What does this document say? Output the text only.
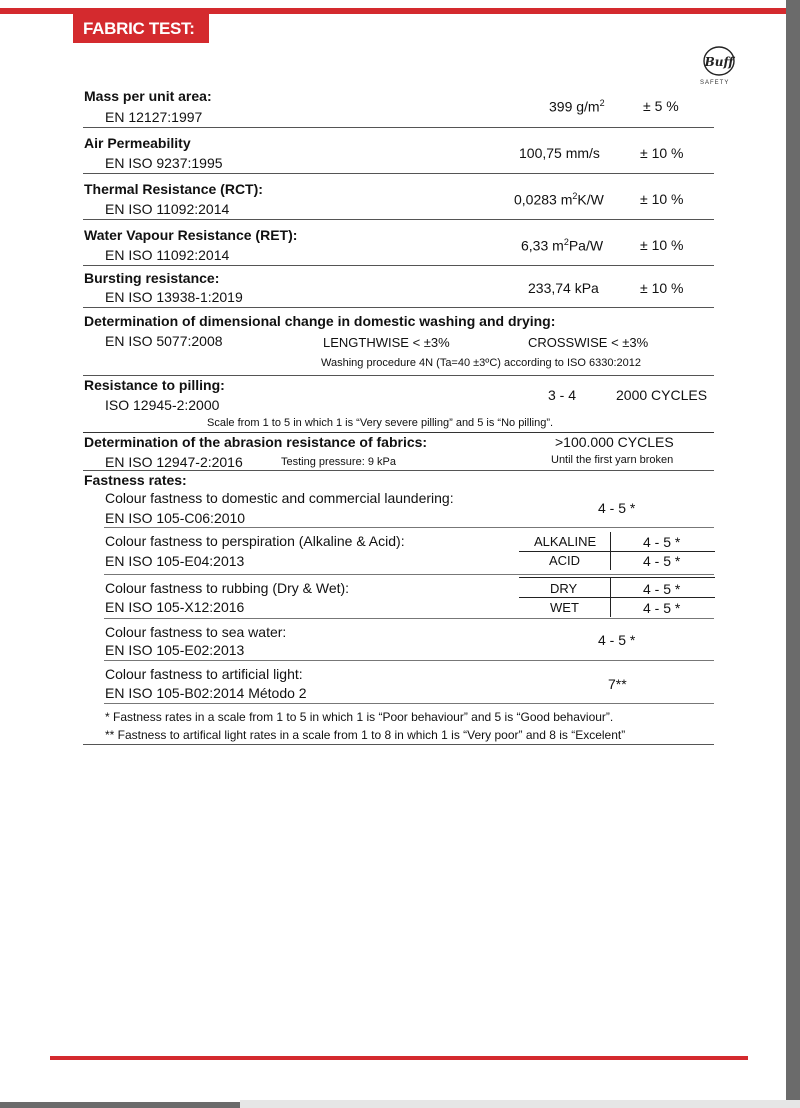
FABRIC TEST:
Buff
SAFETY
Mass per unit area:
EN 12127:1997
399 $g/m^2$	± 5 %
Air Permeability
EN ISO 9237:1995
100,75 mm/s	± 10 %
Thermal Resistance (RCT):
EN ISO 11092:2014
0,0283 $m^2K/W$	± 10 %
Water Vapour Resistance (RET):
EN ISO 11092:2014
6,33 $m^2Pa/W$	± 10 %
Bursting resistance:
EN ISO 13938-1:2019
233,74 kPa	± 10 %
Determination of dimensional change in domestic washing and drying:
EN ISO 5077:2008	LENGTHWISE < ±3%	CROSSWISE < ±3%
Washing procedure 4N (Ta=40 ±3ºC) according to ISO 6330:2012
Resistance to pilling:
ISO 12945-2:2000
3 - 4	2000 CYCLES
Scale from 1 to 5 in which 1 is “Very severe pilling” and 5 is “No pilling”.
Determination of the abrasion resistance of fabrics:
EN ISO 12947-2:2016	Testing pressure: 9 kPa
>100.000 CYCLES
Until the first yarn broken
Fastness rates:
Colour fastness to domestic and commercial laundering:
EN ISO 105-C06:2010
4 - 5 *
Colour fastness to perspiration (Alkaline & Acid):
EN ISO 105-E04:2013
ALKALINE	4 - 5 *
ACID	4 - 5 *
Colour fastness to rubbing (Dry & Wet):
EN ISO 105-X12:2016
DRY	4 - 5 *
WET	4 - 5 *
Colour fastness to sea water:
EN ISO 105-E02:2013
4 - 5 *
Colour fastness to artificial light:
EN ISO 105-B02:2014 Método 2
7**
* Fastness rates in a scale from 1 to 5 in which 1 is “Poor behaviour” and 5 is “Good behaviour”.
** Fastness to artifical light rates in a scale from 1 to 8 in which 1 is “Very poor” and 8 is “Excelent”
